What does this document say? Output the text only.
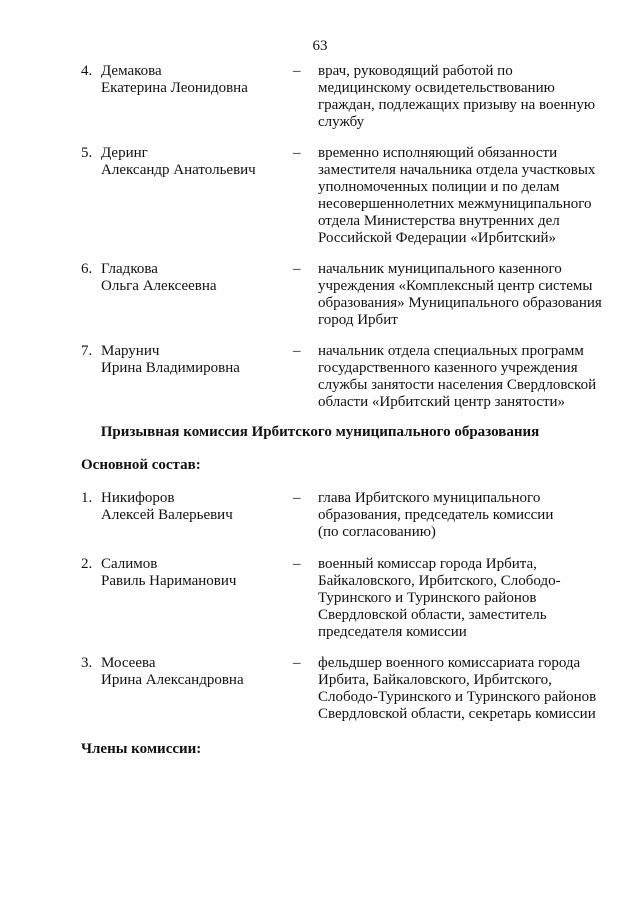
63
4. Демакова
Екатерина Леонидовна
– врач, руководящий работой по
медицинскому освидетельствованию
граждан, подлежащих призыву на военную
службу
5. Деринг
Александр Анатольевич
– временно исполняющий обязанности
заместителя начальника отдела участковых
уполномоченных полиции и по делам
несовершеннолетних межмуниципального
отдела Министерства внутренних дел
Российской Федерации «Ирбитский»
6. Гладкова
Ольга Алексеевна
– начальник муниципального казенного
учреждения «Комплексный центр системы
образования» Муниципального образования
город Ирбит
7. Марунич
Ирина Владимировна
– начальник отдела специальных программ
государственного казенного учреждения
службы занятости населения Свердловской
области «Ирбитский центр занятости»
Призывная комиссия Ирбитского муниципального образования
Основной состав:
1. Никифоров
Алексей Валерьевич
– глава Ирбитского муниципального
образования, председатель комиссии
(по согласованию)
2. Салимов
Равиль Нариманович
– военный комиссар города Ирбита,
Байкаловского, Ирбитского, Слободо-
Туринского и Туринского районов
Свердловской области, заместитель
председателя комиссии
3. Мосеева
Ирина Александровна
– фельдшер военного комиссариата города
Ирбита, Байкаловского, Ирбитского,
Слободо-Туринского и Туринского районов
Свердловской области, секретарь комиссии
Члены комиссии:
